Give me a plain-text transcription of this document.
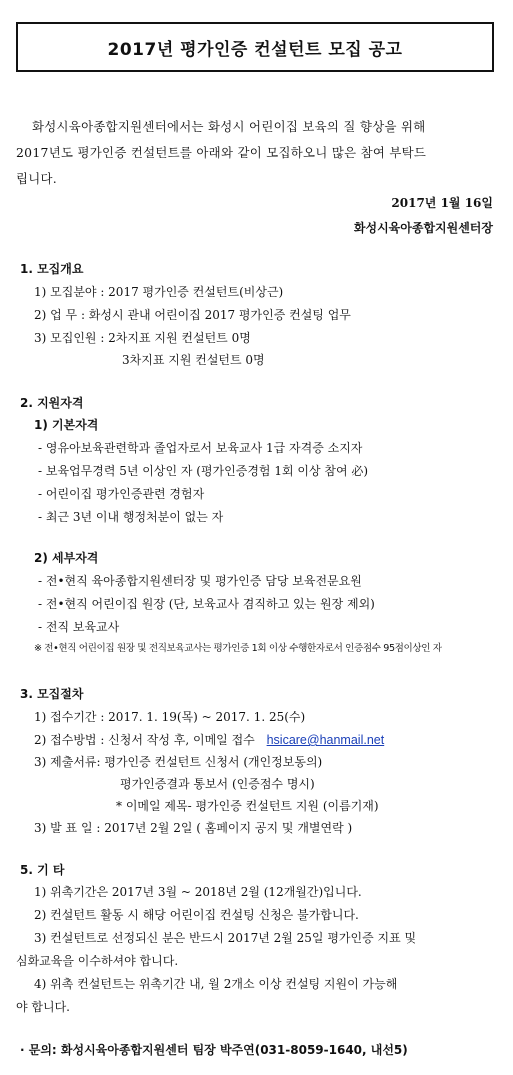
2017년 평가인증 컨설턴트 모집 공고
화성시육아종합지원센터에서는 화성시 어린이집 보육의 질 향상을 위해
2017년도 평가인증 컨설턴트를 아래와 같이 모집하오니 많은 참여 부탁드
립니다.
2017년 1월 16일
화성시육아종합지원센터장
1. 모집개요
1) 모집분야 : 2017 평가인증 컨설턴트(비상근)
2) 업 무 : 화성시 관내 어린이집 2017 평가인증 컨설팅 업무
3) 모집인원 : 2차지표 지원 컨설턴트 0명
3차지표 지원 컨설턴트 0명
2. 지원자격
1) 기본자격
- 영유아보육관련학과 졸업자로서 보육교사 1급 자격증 소지자
- 보육업무경력 5년 이상인 자 (평가인증경험 1회 이상 참여 必)
- 어린이집 평가인증관련 경험자
- 최근 3년 이내 행정처분이 없는 자
2) 세부자격
- 전•현직 육아종합지원센터장 및 평가인증 담당 보육전문요원
- 전•현직 어린이집 원장 (단, 보육교사 겸직하고 있는 원장 제외)
- 전직 보육교사
※ 전•현직 어린이집 원장 및 전직보육교사는 평가인증 1회 이상 수행한자로서 인증점수 95점이상인 자
3. 모집절차
1) 접수기간 : 2017. 1. 19(목) ~ 2017. 1. 25(수)
2) 접수방법 : 신청서 작성 후, 이메일 접수 hsicare@hanmail.net
3) 제출서류: 평가인증 컨설턴트 신청서 (개인정보동의)
평가인증결과 통보서 (인증점수 명시)
* 이메일 제목- 평가인증 컨설턴트 지원 (이름기재)
3) 발 표 일 : 2017년 2월 2일 ( 홈페이지 공지 및 개별연락 )
5. 기 타
1) 위촉기간은 2017년 3월 ~ 2018년 2월 (12개월간)입니다.
2) 컨설턴트 활동 시 해당 어린이집 컨설팅 신청은 불가합니다.
3) 컨설턴트로 선정되신 분은 반드시 2017년 2월 25일 평가인증 지표 및
심화교육을 이수하셔야 합니다.
4) 위촉 컨설턴트는 위촉기간 내, 월 2개소 이상 컨설팅 지원이 가능해
야 합니다.
· 문의: 화성시육아종합지원센터 팀장 박주연(031-8059-1640, 내선5)
